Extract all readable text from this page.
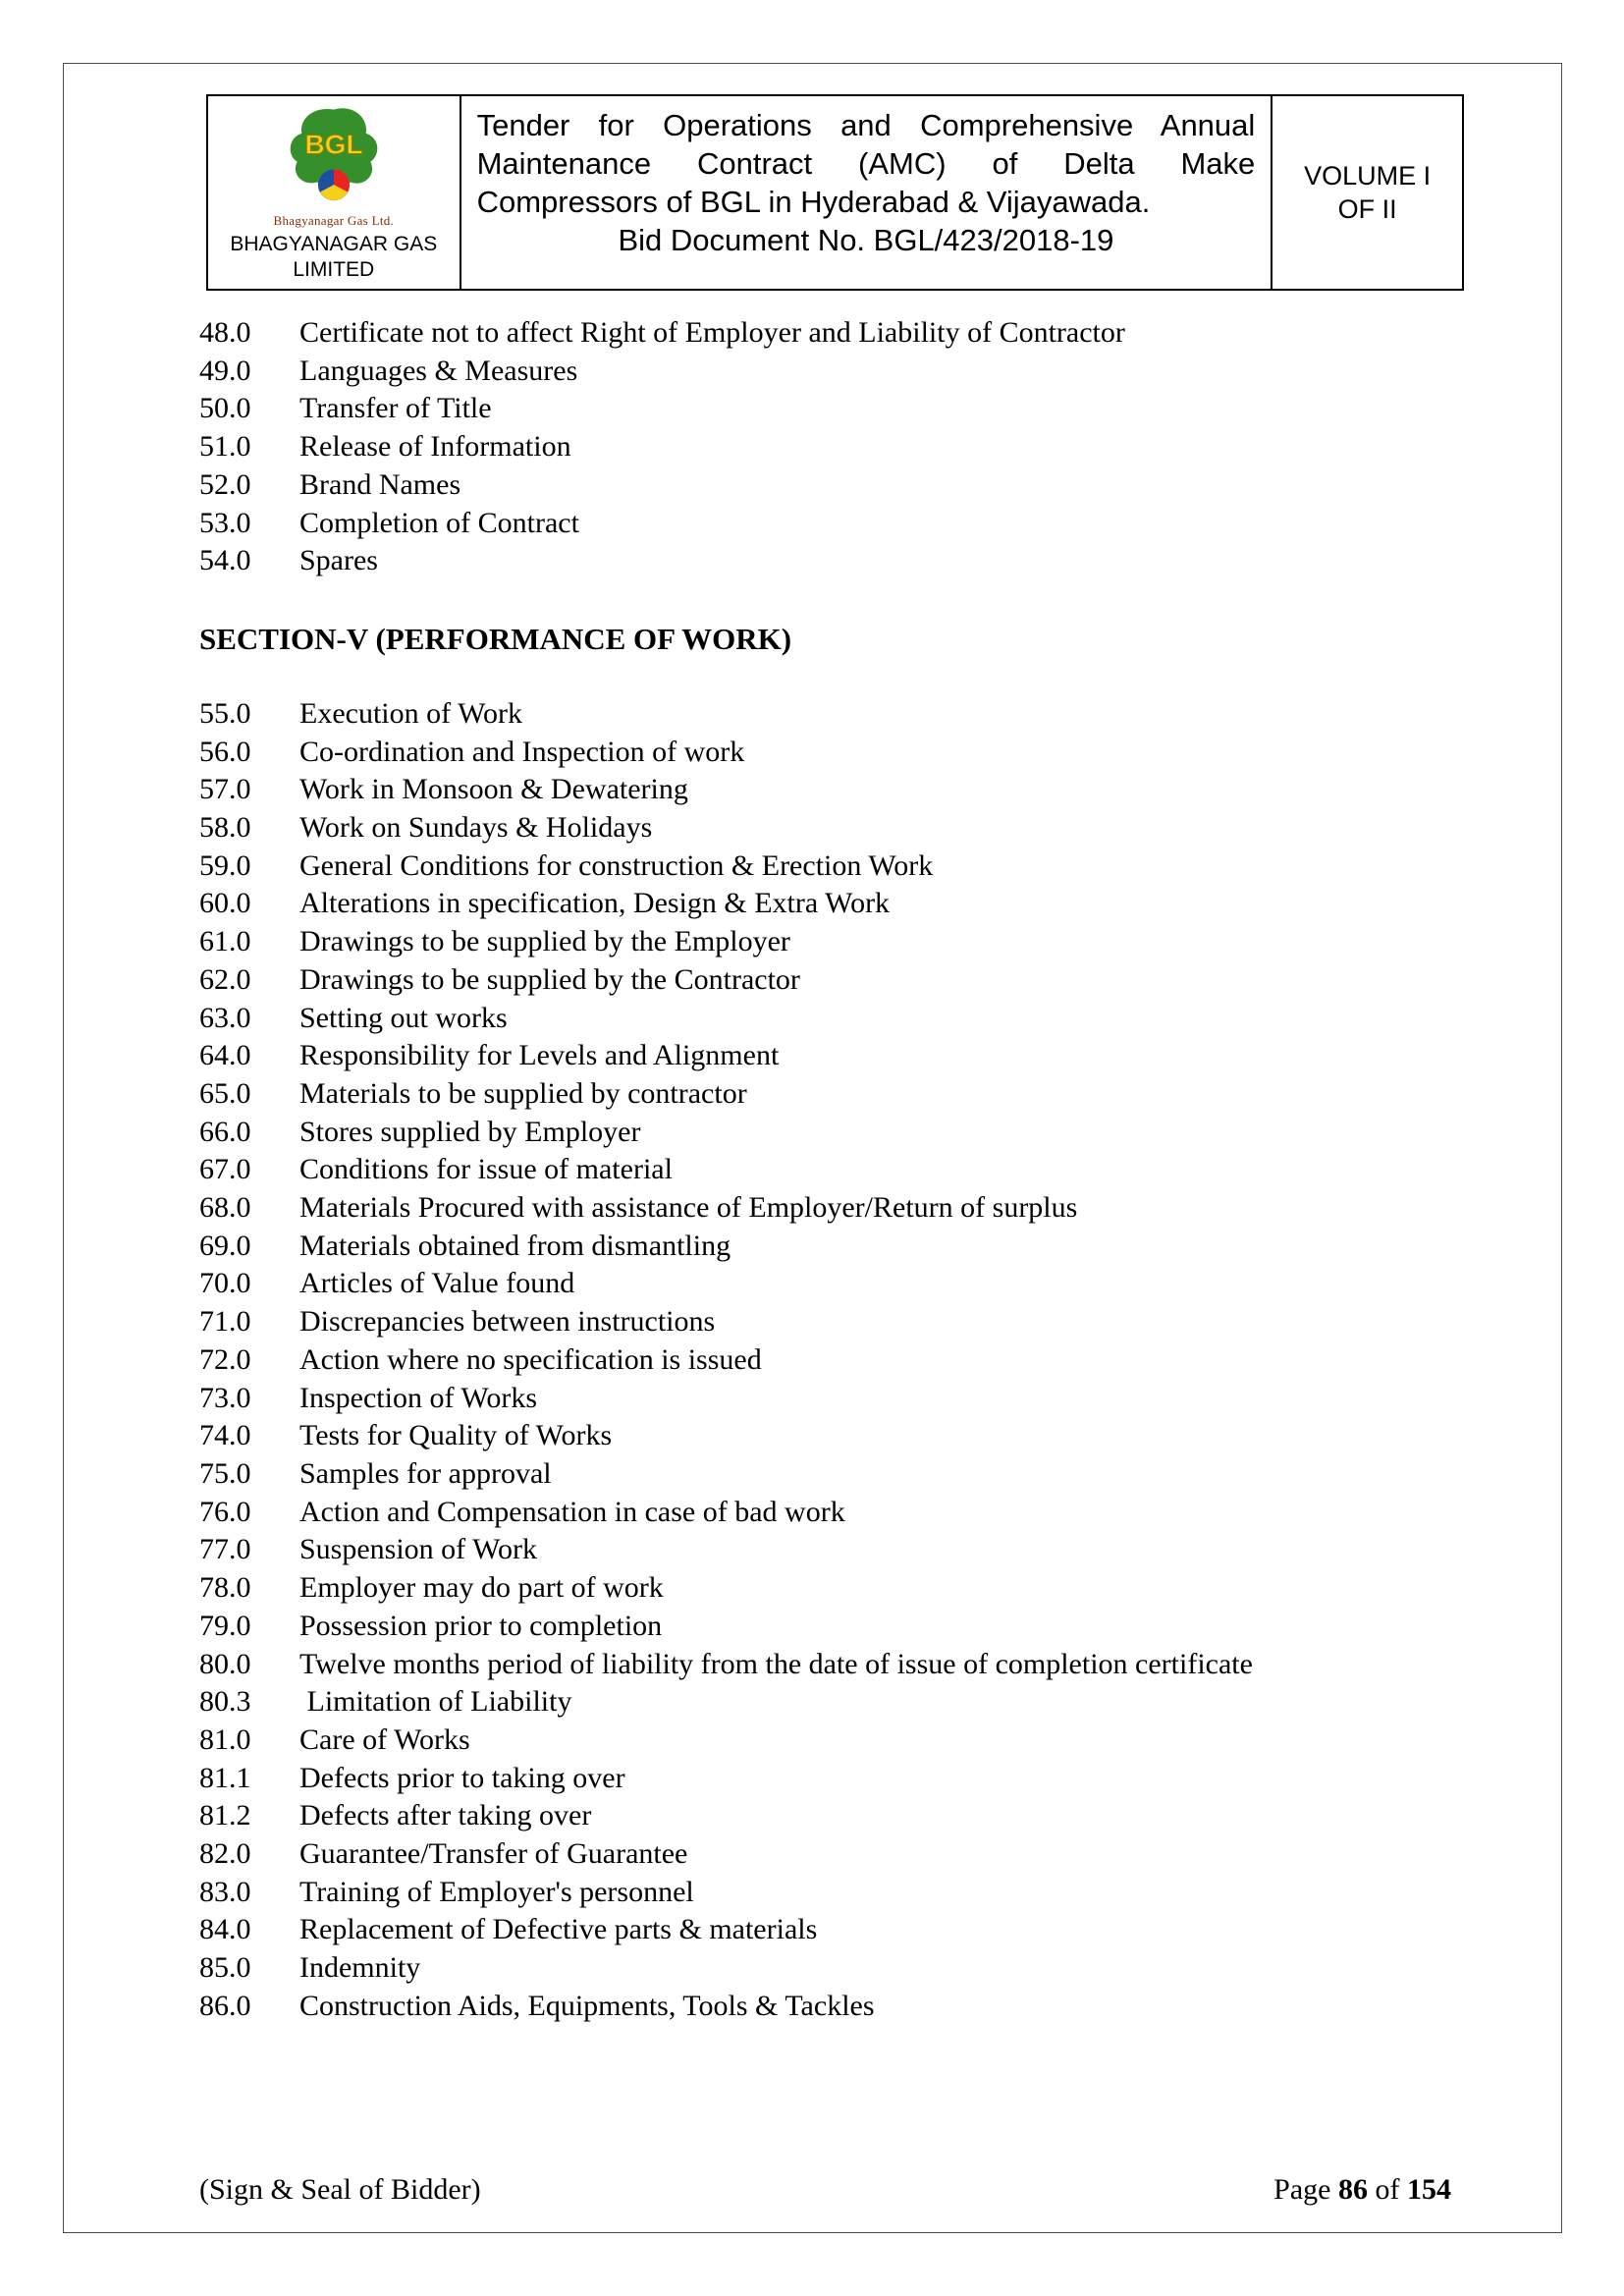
BGL
Bhagyanagar Gas Ltd.
BHAGYANAGAR GAS
LIMITED
Tender for Operations and Comprehensive Annual
Maintenance Contract (AMC) of Delta Make
Compressors of BGL in Hyderabad & Vijayawada.
Bid Document No. BGL/423/2018-19
VOLUME I
OF II
48.0	Certificate not to affect Right of Employer and Liability of Contractor
49.0	Languages & Measures
50.0	Transfer of Title
51.0	Release of Information
52.0	Brand Names
53.0	Completion of Contract
54.0	Spares
SECTION-V (PERFORMANCE OF WORK)
55.0	Execution of Work
56.0	Co-ordination and Inspection of work
57.0	Work in Monsoon & Dewatering
58.0	Work on Sundays & Holidays
59.0	General Conditions for construction & Erection Work
60.0	Alterations in specification, Design & Extra Work
61.0	Drawings to be supplied by the Employer
62.0	Drawings to be supplied by the Contractor
63.0	Setting out works
64.0	Responsibility for Levels and Alignment
65.0	Materials to be supplied by contractor
66.0	Stores supplied by Employer
67.0	Conditions for issue of material
68.0	Materials Procured with assistance of Employer/Return of surplus
69.0	Materials obtained from dismantling
70.0	Articles of Value found
71.0	Discrepancies between instructions
72.0	Action where no specification is issued
73.0	Inspection of Works
74.0	Tests for Quality of Works
75.0	Samples for approval
76.0	Action and Compensation in case of bad work
77.0	Suspension of Work
78.0	Employer may do part of work
79.0	Possession prior to completion
80.0	Twelve months period of liability from the date of issue of completion certificate
80.3	Limitation of Liability
81.0	Care of Works
81.1	Defects prior to taking over
81.2	Defects after taking over
82.0	Guarantee/Transfer of Guarantee
83.0	Training of Employer's personnel
84.0	Replacement of Defective parts & materials
85.0	Indemnity
86.0	Construction Aids, Equipments, Tools & Tackles
(Sign & Seal of Bidder)	Page 86 of 154
